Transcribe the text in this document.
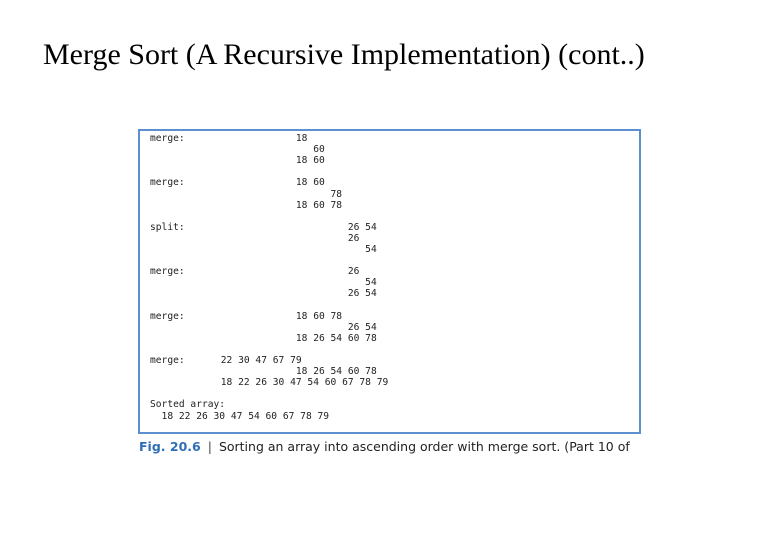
Merge Sort (A Recursive Implementation) (cont..)
merge:	18
60
18 60
merge:	18 60
78
18 60 78
split:	26 54
26
54
merge:	26
54
26 54
merge:	18 60 78
26 54
18 26 54 60 78
merge:	22 30 47 67 79
18 26 54 60 78
18 22 26 30 47 54 60 67 78 79
Sorted array:
18 22 26 30 47 54 60 67 78 79
Fig. 20.6 | Sorting an array into ascending order with merge sort. (Part 10 of
